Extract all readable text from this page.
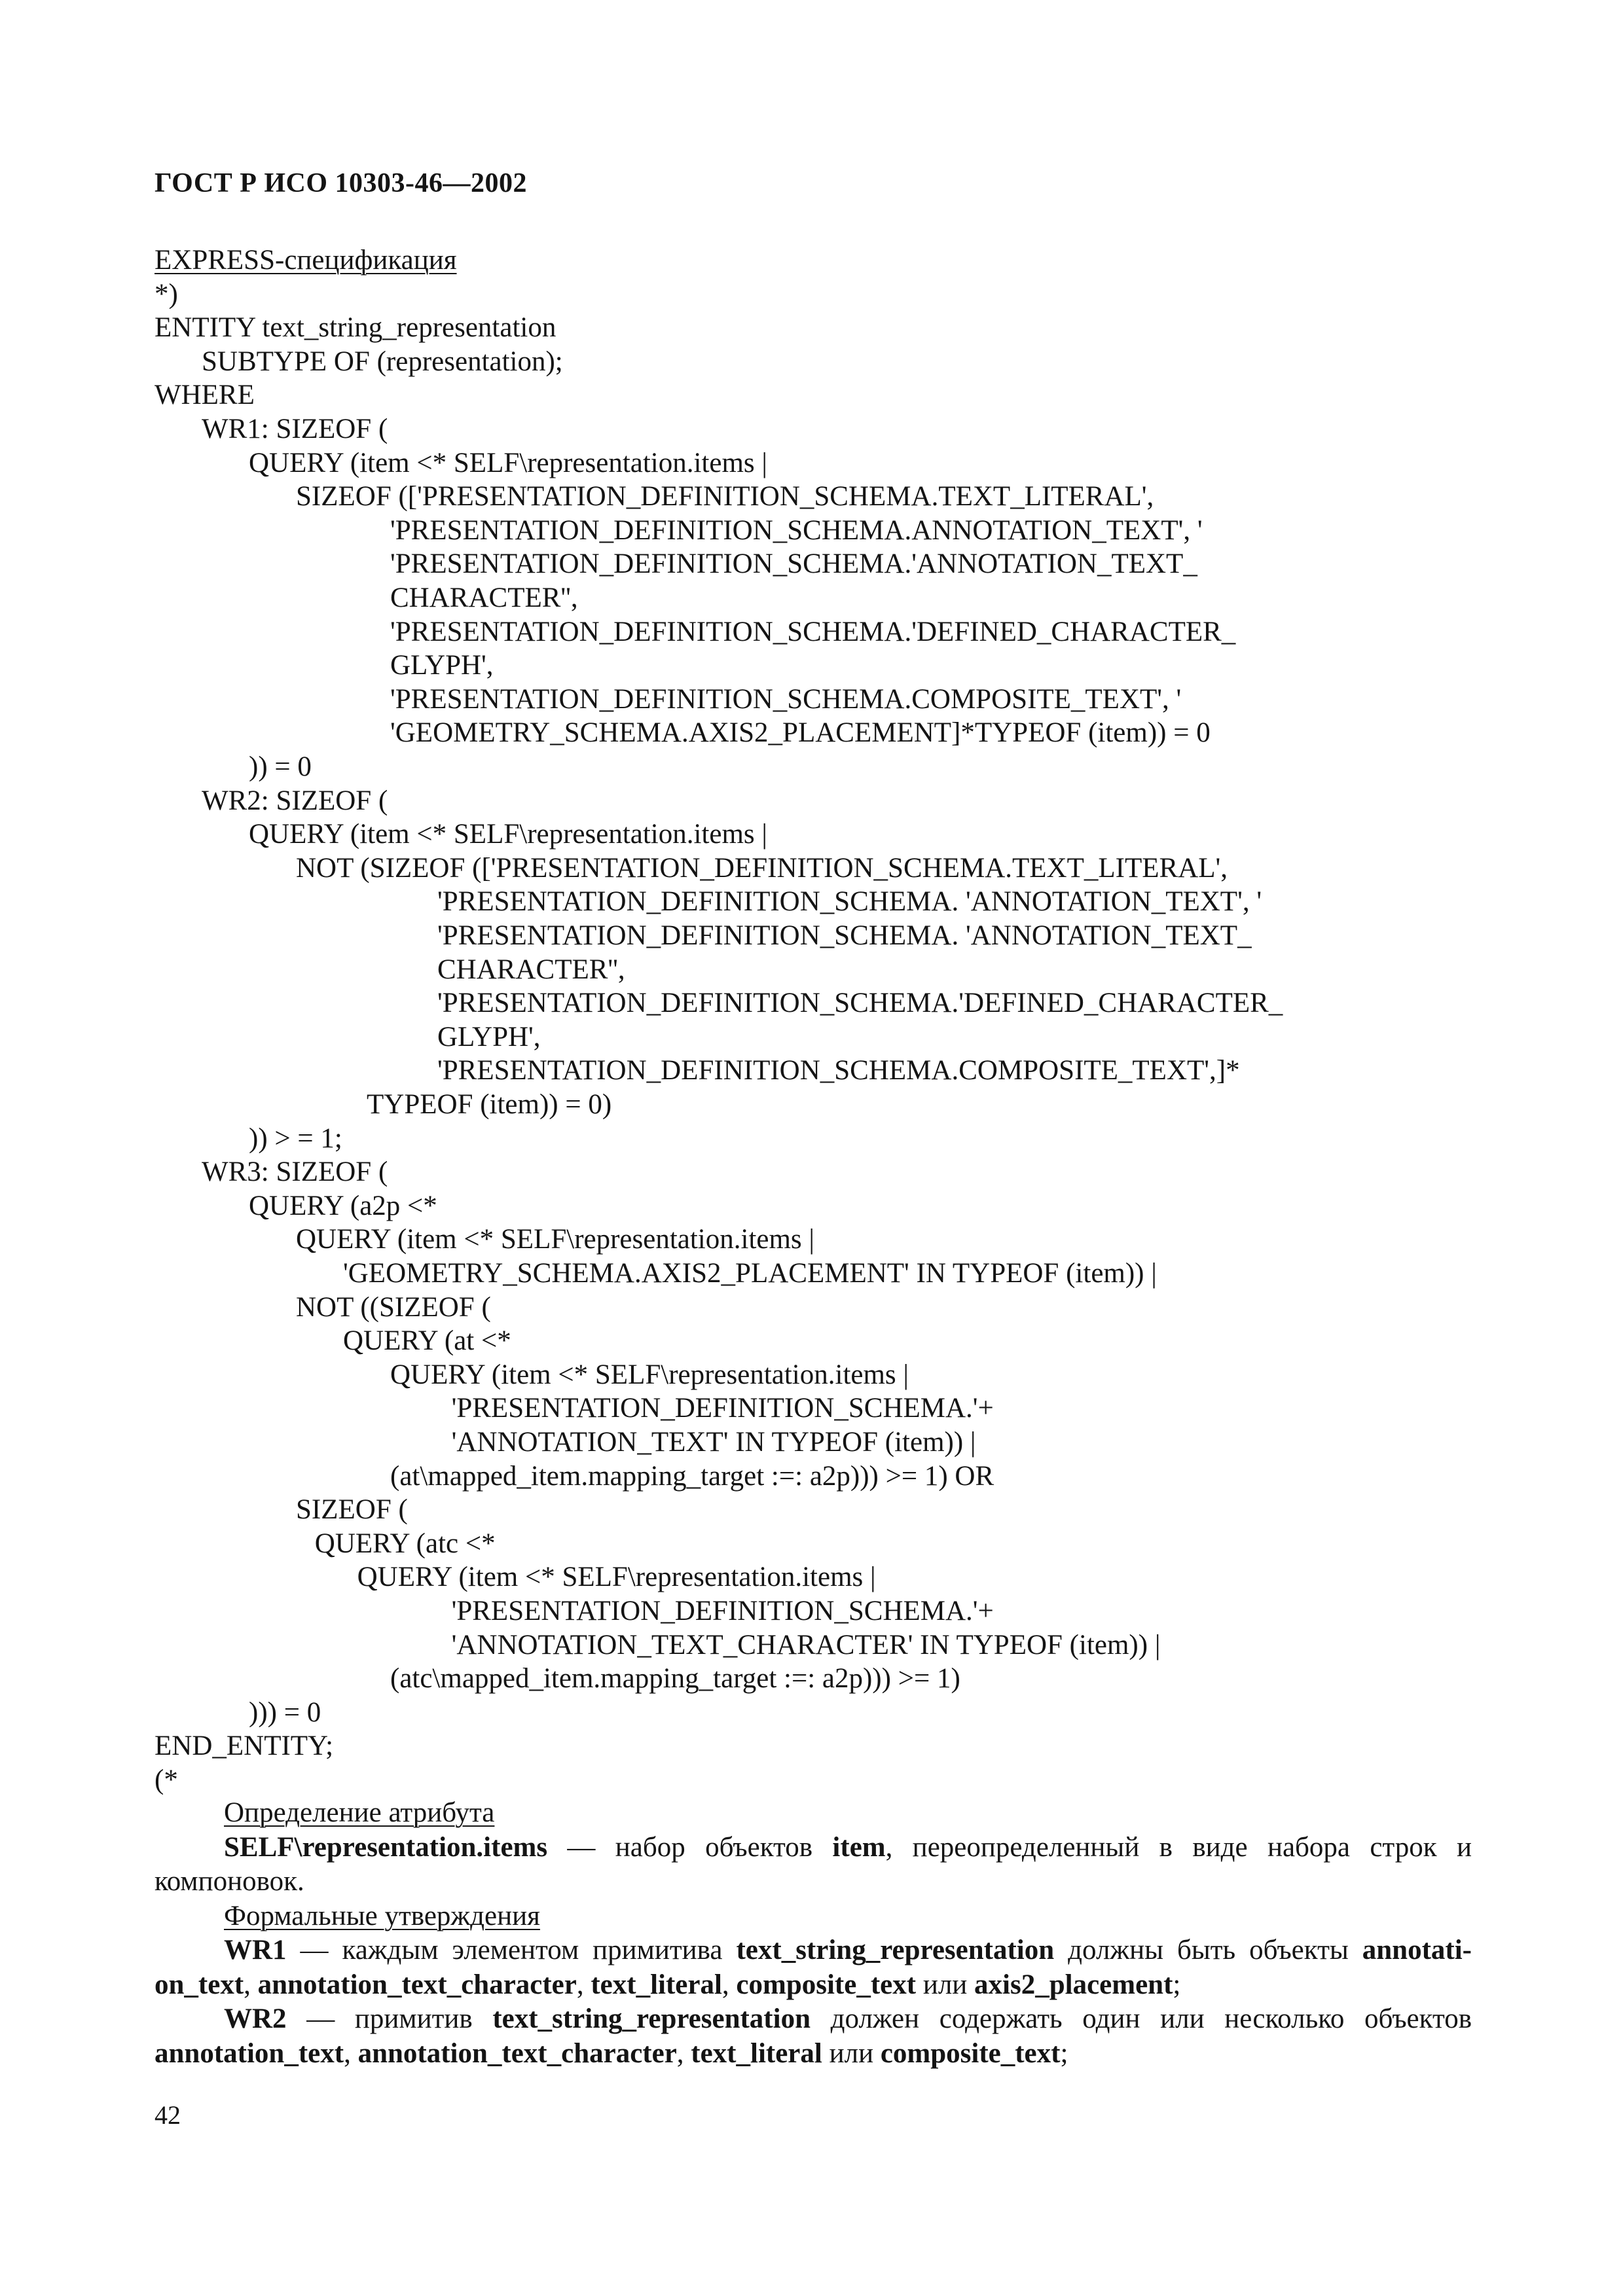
ГОСТ Р ИСО 10303-46—2002
EXPRESS-спецификация
*)
ENTITY text_string_representation
SUBTYPE OF (representation);
WHERE
WR1: SIZEOF (
QUERY (item <* SELF\representation.items |
SIZEOF (['PRESENTATION_DEFINITION_SCHEMA.TEXT_LITERAL',
'PRESENTATION_DEFINITION_SCHEMA.ANNOTATION_TEXT', '
'PRESENTATION_DEFINITION_SCHEMA.'ANNOTATION_TEXT_
CHARACTER'',
'PRESENTATION_DEFINITION_SCHEMA.'DEFINED_CHARACTER_
GLYPH',
'PRESENTATION_DEFINITION_SCHEMA.COMPOSITE_TEXT', '
'GEOMETRY_SCHEMA.AXIS2_PLACEMENT]*TYPEOF (item)) = 0
)) = 0
WR2: SIZEOF (
QUERY (item <* SELF\representation.items |
NOT (SIZEOF (['PRESENTATION_DEFINITION_SCHEMA.TEXT_LITERAL',
'PRESENTATION_DEFINITION_SCHEMA. 'ANNOTATION_TEXT', '
'PRESENTATION_DEFINITION_SCHEMA. 'ANNOTATION_TEXT_
CHARACTER'',
'PRESENTATION_DEFINITION_SCHEMA.'DEFINED_CHARACTER_
GLYPH',
'PRESENTATION_DEFINITION_SCHEMA.COMPOSITE_TEXT',]*
TYPEOF (item)) = 0)
)) > = 1;
WR3: SIZEOF (
QUERY (a2p <*
QUERY (item <* SELF\representation.items |
'GEOMETRY_SCHEMA.AXIS2_PLACEMENT' IN TYPEOF (item)) |
NOT ((SIZEOF (
QUERY (at <*
QUERY (item <* SELF\representation.items |
'PRESENTATION_DEFINITION_SCHEMA.'+
'ANNOTATION_TEXT' IN TYPEOF (item)) |
(at\mapped_item.mapping_target :=: a2p))) >= 1) OR
SIZEOF (
QUERY (atc <*
QUERY (item <* SELF\representation.items |
'PRESENTATION_DEFINITION_SCHEMA.'+
'ANNOTATION_TEXT_CHARACTER' IN TYPEOF (item)) |
(atc\mapped_item.mapping_target :=: a2p))) >= 1)
))) = 0
END_ENTITY;
(*

Определение атрибута

SELF\representation.items — набор объектов item, переопределенный в виде набора строк и компоновок.

Формальные утверждения

WR1 — каждым элементом примитива text_string_representation должны быть объекты annotati-on_text, annotation_text_character, text_literal, composite_text или axis2_placement;

WR2 — примитив text_string_representation должен содержать один или несколько объектов annotation_text, annotation_text_character, text_literal или composite_text;

42
